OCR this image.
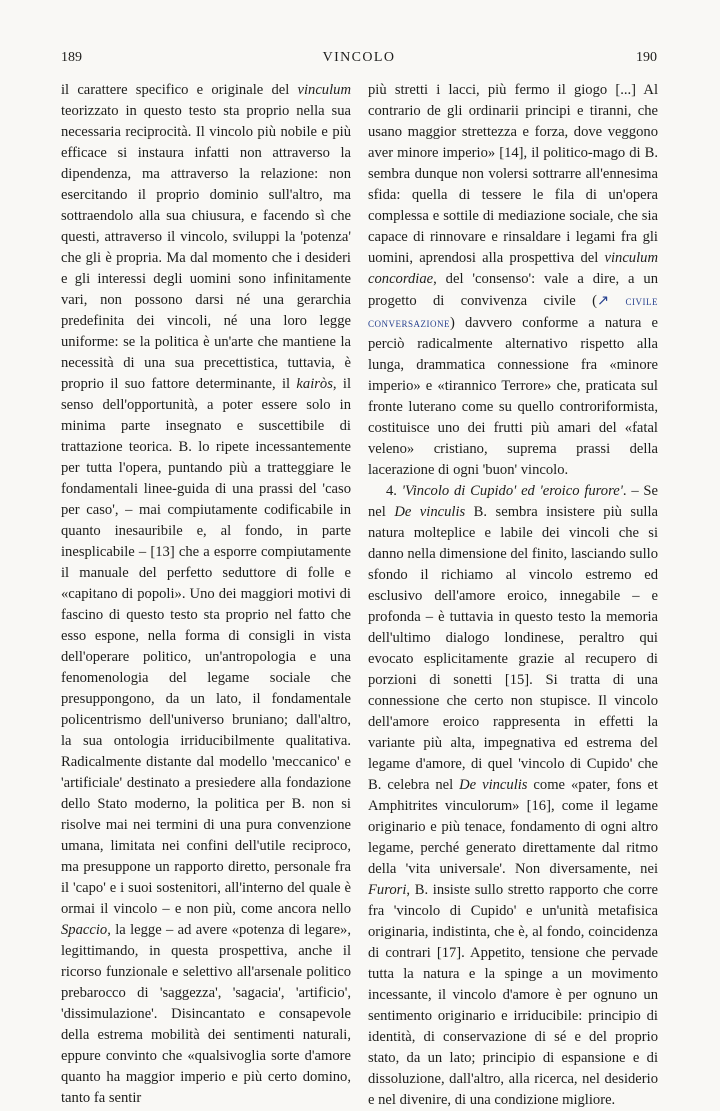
189	VINCOLO	190

il carattere specifico e originale del vinculum teorizzato in questo testo sta proprio nella sua necessaria reciprocità. Il vincolo più nobile e più efficace si instaura infatti non attraverso la dipendenza, ma attraverso la relazione: non esercitando il proprio dominio sull'altro, ma sottraendolo alla sua chiusura, e facendo sì che questi, attraverso il vincolo, sviluppi la 'potenza' che gli è propria. Ma dal momento che i desideri e gli interessi degli uomini sono infinitamente vari, non possono darsi né una gerarchia predefinita dei vincoli, né una loro legge uniforme: se la politica è un'arte che mantiene la necessità di una sua precettistica, tuttavia, è proprio il suo fattore determinante, il kairòs, il senso dell'opportunità, a poter essere solo in minima parte insegnato e suscettibile di trattazione teorica. B. lo ripete incessantemente per tutta l'opera, puntando più a tratteggiare le fondamentali linee-guida di una prassi del 'caso per caso', – mai compiutamente codificabile in quanto inesauribile e, al fondo, in parte inesplicabile – [13] che a esporre compiutamente il manuale del perfetto seduttore di folle e «capitano di popoli». Uno dei maggiori motivi di fascino di questo testo sta proprio nel fatto che esso espone, nella forma di consigli in vista dell'operare politico, un'antropologia e una fenomenologia del legame sociale che presuppongono, da un lato, il fondamentale policentrismo dell'universo bruniano; dall'altro, la sua ontologia irriducibilmente qualitativa. Radicalmente distante dal modello 'meccanico' e 'artificiale' destinato a presiedere alla fondazione dello Stato moderno, la politica per B. non si risolve mai nei termini di una pura convenzione umana, limitata nei confini dell'utile reciproco, ma presuppone un rapporto diretto, personale fra il 'capo' e i suoi sostenitori, all'interno del quale è ormai il vincolo – e non più, come ancora nello Spaccio, la legge – ad avere «potenza di legare», legittimando, in questa prospettiva, anche il ricorso funzionale e selettivo all'arsenale politico prebarocco di 'saggezza', 'sagacia', 'artificio', 'dissimulazione'. Disincantato e consapevole della estrema mobilità dei sentimenti naturali, eppure convinto che «qualsivoglia sorte d'amore quanto ha maggior imperio e più certo domino, tanto fa sentir

più stretti i lacci, più fermo il giogo [...] Al contrario de gli ordinarii principi e tiranni, che usano maggior strettezza e forza, dove veggono aver minore imperio» [14], il politico-mago di B. sembra dunque non volersi sottrarre all'ennesima sfida: quella di tessere le fila di un'opera complessa e sottile di mediazione sociale, che sia capace di rinnovare e rinsaldare i legami fra gli uomini, aprendosi alla prospettiva del vinculum concordiae, del 'consenso': vale a dire, a un progetto di convivenza civile (↗ civile conversazione) davvero conforme a natura e perciò radicalmente alternativo rispetto alla lunga, drammatica connessione fra «minore imperio» e «tirannico Terrore» che, praticata sul fronte luterano come su quello controriformista, costituisce uno dei frutti più amari del «fatal veleno» cristiano, suprema prassi della lacerazione di ogni 'buon' vincolo.

4. 'Vincolo di Cupido' ed 'eroico furore'. – Se nel De vinculis B. sembra insistere più sulla natura molteplice e labile dei vincoli che si danno nella dimensione del finito, lasciando sullo sfondo il richiamo al vincolo estremo ed esclusivo dell'amore eroico, innegabile – e profonda – è tuttavia in questo testo la memoria dell'ultimo dialogo londinese, peraltro qui evocato esplicitamente grazie al recupero di porzioni di sonetti [15]. Si tratta di una connessione che certo non stupisce. Il vincolo dell'amore eroico rappresenta in effetti la variante più alta, impegnativa ed estrema del legame d'amore, di quel 'vincolo di Cupido' che B. celebra nel De vinculis come «pater, fons et Amphitrites vinculorum» [16], come il legame originario e più tenace, fondamento di ogni altro legame, perché generato direttamente dal ritmo della 'vita universale'. Non diversamente, nei Furori, B. insiste sullo stretto rapporto che corre fra 'vincolo di Cupido' e un'unità metafisica originaria, indistinta, che è, al fondo, coincidenza di contrari [17]. Appetito, tensione che pervade tutta la natura e la spinge a un movimento incessante, il vincolo d'amore è per ognuno un sentimento originario e irriducibile: principio di identità, di conservazione di sé e del proprio stato, da un lato; principio di espansione e di dissoluzione, dall'altro, alla ricerca, nel desiderio e nel divenire, di una condizione migliore.
